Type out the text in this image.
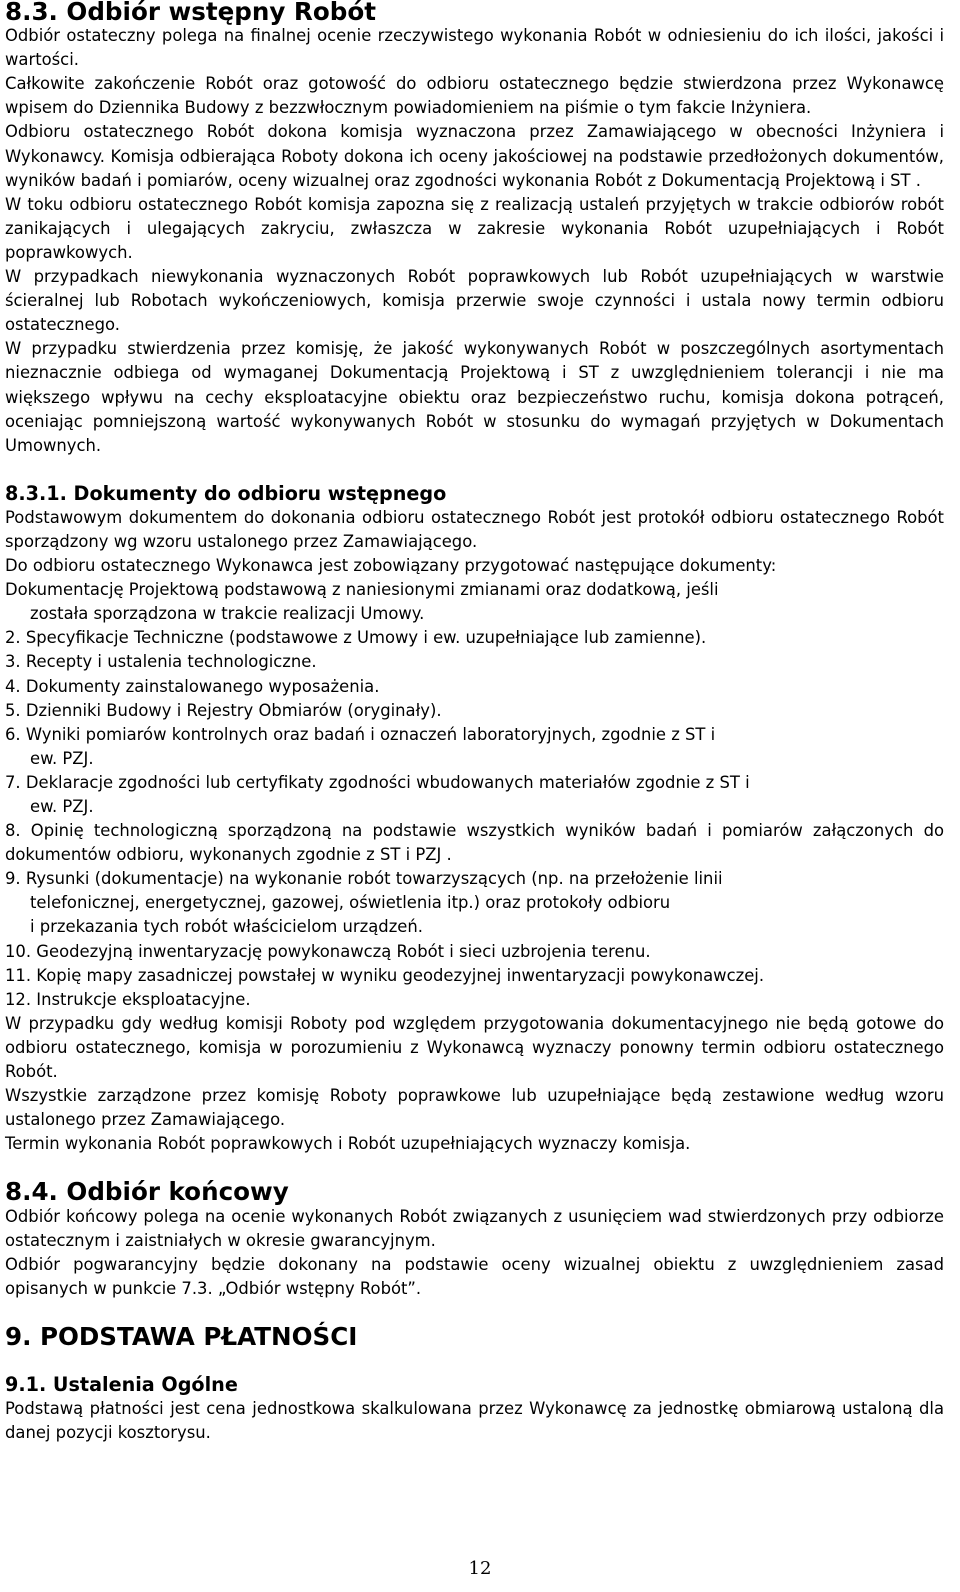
8.3. Odbiór wstępny Robót

Odbiór ostateczny polega na finalnej ocenie rzeczywistego wykonania Robót w odniesieniu do ich ilości, jakości i wartości.

Całkowite zakończenie Robót oraz gotowość do odbioru ostatecznego będzie stwierdzona przez Wykonawcę wpisem do Dziennika Budowy z bezzwłocznym powiadomieniem na piśmie o tym fakcie Inżyniera.

Odbioru ostatecznego Robót dokona komisja wyznaczona przez Zamawiającego w obecności Inżyniera i Wykonawcy. Komisja odbierająca Roboty dokona ich oceny jakościowej na podstawie przedłożonych dokumentów, wyników badań i pomiarów, oceny wizualnej oraz zgodności wykonania Robót z Dokumentacją Projektową i ST .

W toku odbioru ostatecznego Robót komisja zapozna się z realizacją ustaleń przyjętych w trakcie odbiorów robót zanikających i ulegających zakryciu, zwłaszcza w zakresie wykonania Robót uzupełniających i Robót poprawkowych.

W przypadkach niewykonania wyznaczonych Robót poprawkowych lub Robót uzupełniających w warstwie ścieralnej lub Robotach wykończeniowych, komisja przerwie swoje czynności i ustala nowy termin odbioru ostatecznego.

W przypadku stwierdzenia przez komisję, że jakość wykonywanych Robót w poszczególnych asortymentach nieznacznie odbiega od wymaganej Dokumentacją Projektową i ST z uwzględnieniem tolerancji i nie ma większego wpływu na cechy eksploatacyjne obiektu oraz bezpieczeństwo ruchu, komisja dokona potrąceń, oceniając pomniejszoną wartość wykonywanych Robót w stosunku do wymagań przyjętych w Dokumentach Umownych.

8.3.1. Dokumenty do odbioru wstępnego

Podstawowym dokumentem do dokonania odbioru ostatecznego Robót jest protokół odbioru ostatecznego Robót sporządzony wg wzoru ustalonego przez Zamawiającego.

Do odbioru ostatecznego Wykonawca jest zobowiązany przygotować następujące dokumenty:

Dokumentację Projektową podstawową z naniesionymi zmianami oraz dodatkową, jeśli
została sporządzona w trakcie realizacji Umowy.
2. Specyfikacje Techniczne (podstawowe z Umowy i ew. uzupełniające lub zamienne).
3. Recepty i ustalenia technologiczne.
4. Dokumenty zainstalowanego wyposażenia.
5. Dzienniki Budowy i Rejestry Obmiarów (oryginały).
6. Wyniki pomiarów kontrolnych oraz badań i oznaczeń laboratoryjnych, zgodnie z ST i
ew. PZJ.
7. Deklaracje zgodności lub certyfikaty zgodności wbudowanych materiałów zgodnie z ST i
ew. PZJ.

8. Opinię technologiczną sporządzoną na podstawie wszystkich wyników badań i pomiarów załączonych do dokumentów odbioru, wykonanych zgodnie z ST i PZJ .

9. Rysunki (dokumentacje) na wykonanie robót towarzyszących (np. na przełożenie linii
telefonicznej, energetycznej, gazowej, oświetlenia itp.) oraz protokoły odbioru
i przekazania tych robót właścicielom urządzeń.
10. Geodezyjną inwentaryzację powykonawczą Robót i sieci uzbrojenia terenu.
11. Kopię mapy zasadniczej powstałej w wyniku geodezyjnej inwentaryzacji powykonawczej.
12. Instrukcje eksploatacyjne.

W przypadku gdy według komisji Roboty pod względem przygotowania dokumentacyjnego nie będą gotowe do odbioru ostatecznego, komisja w porozumieniu z Wykonawcą wyznaczy ponowny termin odbioru ostatecznego Robót.

Wszystkie zarządzone przez komisję Roboty poprawkowe lub uzupełniające będą zestawione według wzoru ustalonego przez Zamawiającego.

Termin wykonania Robót poprawkowych i Robót uzupełniających wyznaczy komisja.

8.4. Odbiór końcowy

Odbiór końcowy polega na ocenie wykonanych Robót związanych z usunięciem wad stwierdzonych przy odbiorze ostatecznym i zaistniałych w okresie gwarancyjnym.

Odbiór pogwarancyjny będzie dokonany na podstawie oceny wizualnej obiektu z uwzględnieniem zasad opisanych w punkcie 7.3. „Odbiór wstępny Robót”.

9. PODSTAWA PŁATNOŚCI
9.1. Ustalenia Ogólne

Podstawą płatności jest cena jednostkowa skalkulowana przez Wykonawcę za jednostkę obmiarową ustaloną dla danej pozycji kosztorysu.

12
